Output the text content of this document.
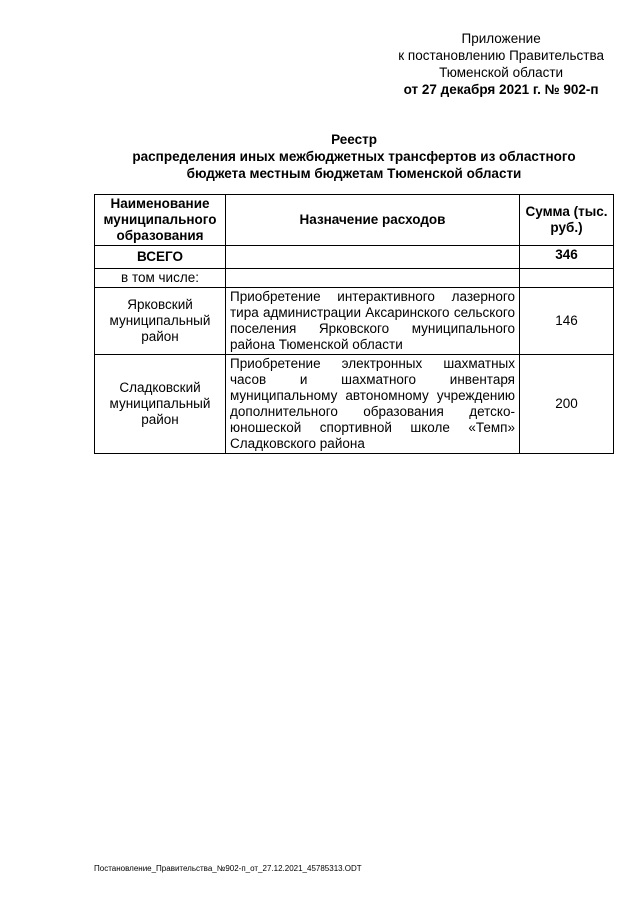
Приложение
к постановлению Правительства
Тюменской области
от 27 декабря 2021 г. № 902-п
Реестр
распределения иных межбюджетных трансфертов из областного
бюджета местным бюджетам Тюменской области
Наименование муниципального образования	Назначение расходов	Сумма (тыс. руб.)
ВСЕГО		346
в том числе:		
Ярковский муниципальный район	Приобретение интерактивного лазерного тира администрации Аксаринского сельского поселения Ярковского муниципального района Тюменской области	146
Сладковский муниципальный район	Приобретение электронных шахматных часов и шахматного инвентаря муниципальному автономному учреждению дополнительного образования детско-юношеской спортивной школе «Темп» Сладковского района	200
Постановление_Правительства_№902-п_от_27.12.2021_45785313.ODT
